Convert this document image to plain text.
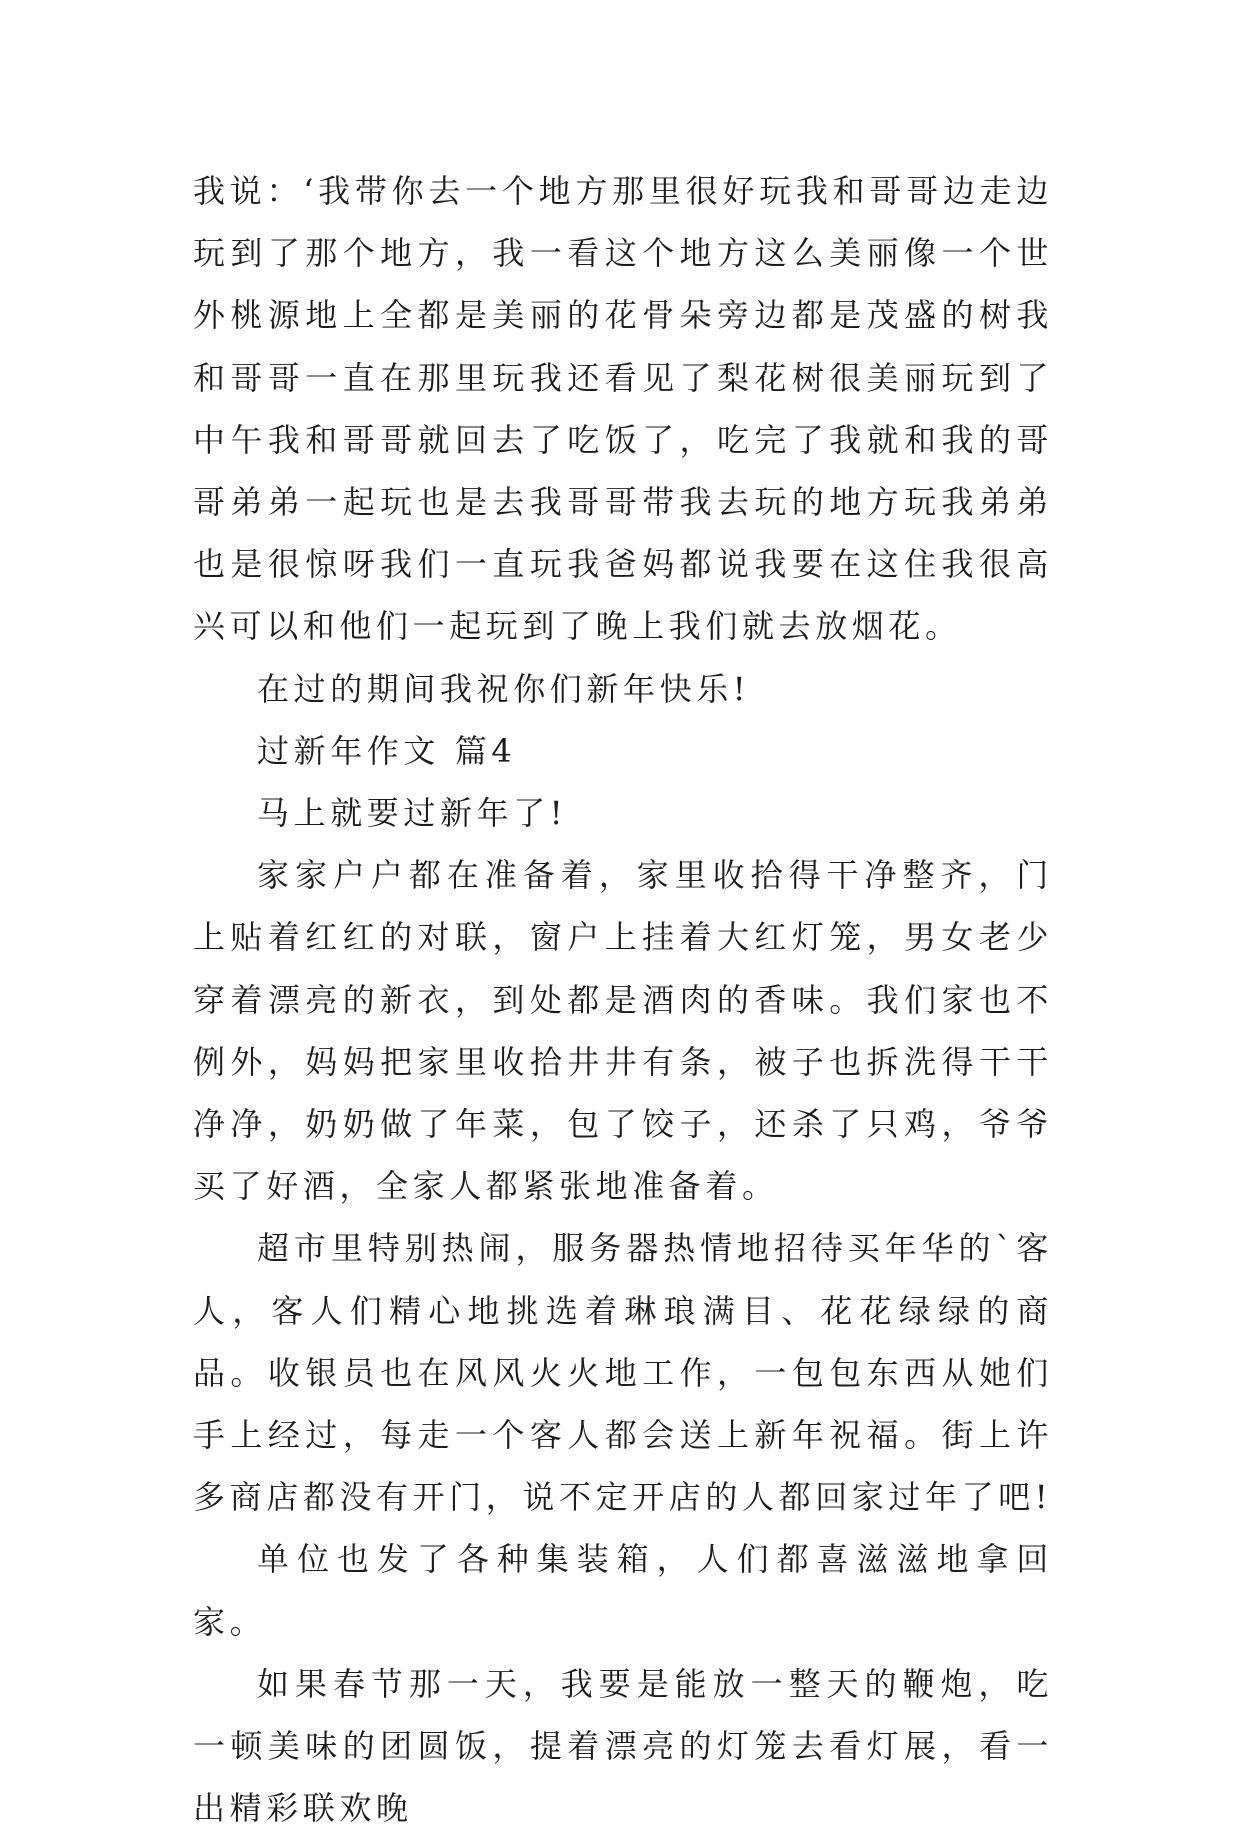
我说：‘我带你去一个地方那里很好玩我和哥哥边走边玩到了那个地方，我一看这个地方这么美丽像一个世外桃源地上全都是美丽的花骨朵旁边都是茂盛的树我和哥哥一直在那里玩我还看见了梨花树很美丽玩到了中午我和哥哥就回去了吃饭了，吃完了我就和我的哥哥弟弟一起玩也是去我哥哥带我去玩的地方玩我弟弟也是很惊呀我们一直玩我爸妈都说我要在这住我很高兴可以和他们一起玩到了晚上我们就去放烟花。

在过的期间我祝你们新年快乐!

过新年作文 篇4

马上就要过新年了!

家家户户都在准备着，家里收拾得干净整齐，门上贴着红红的对联，窗户上挂着大红灯笼，男女老少穿着漂亮的新衣，到处都是酒肉的香味。我们家也不例外，妈妈把家里收拾井井有条，被子也拆洗得干干净净，奶奶做了年菜，包了饺子，还杀了只鸡，爷爷买了好酒，全家人都紧张地准备着。

超市里特别热闹，服务器热情地招待买年华的`客人，客人们精心地挑选着琳琅满目、花花绿绿的商品。收银员也在风风火火地工作，一包包东西从她们手上经过，每走一个客人都会送上新年祝福。街上许多商店都没有开门，说不定开店的人都回家过年了吧!

单位也发了各种集装箱，人们都喜滋滋地拿回家。

如果春节那一天，我要是能放一整天的鞭炮，吃一顿美味的团圆饭，提着漂亮的灯笼去看灯展，看一出精彩联欢晚
